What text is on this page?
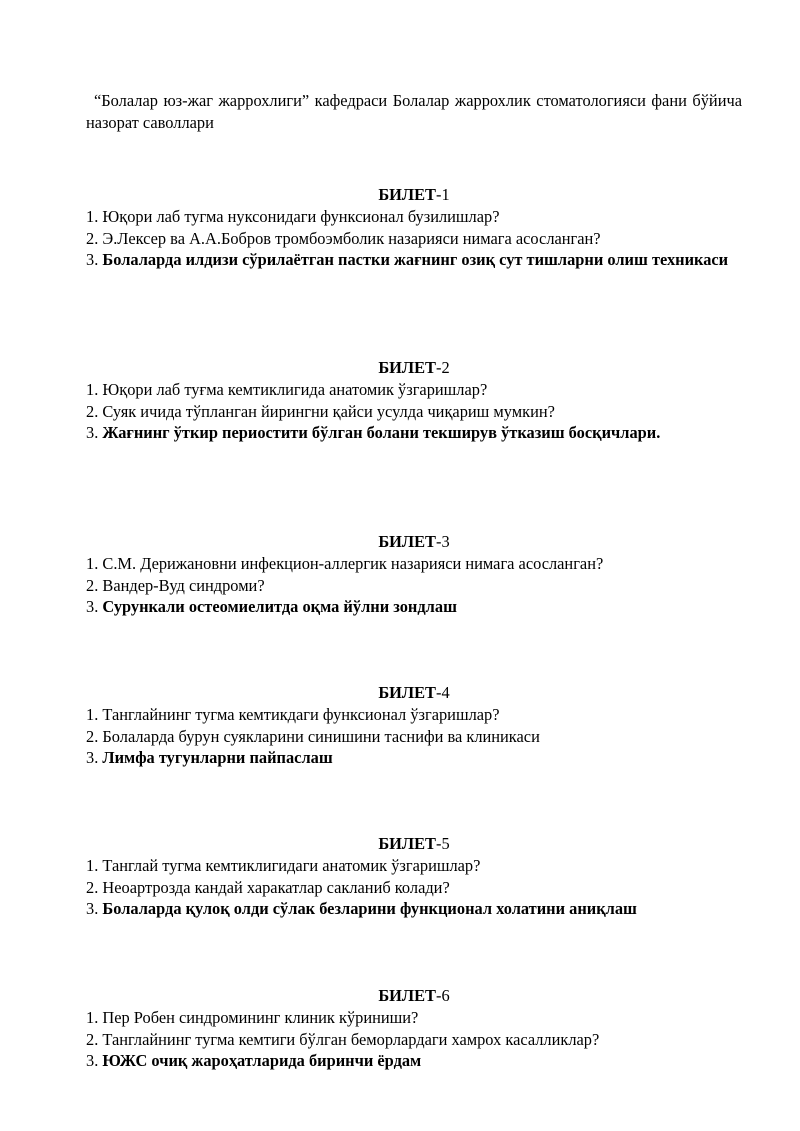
“Болалар юз-жаг жаррохлиги” кафедраси Болалар жаррохлик стоматологияси фани бўйича назорат саволлари

БИЛЕТ-1

1. Юқори лаб тугма нуксонидаги функсионал бузилишлар?

2. Э.Лексер ва А.А.Бобров тромбоэмболик назарияси нимага асосланган?

3. Болаларда илдизи сўрилаётган пастки жағнинг озиқ сут тишларни олиш техникаси

БИЛЕТ-2

1. Юқори лаб туғма кемтиклигида анатомик ўзгаришлар?

2. Суяк ичида тўпланган йирингни қайси усулда чиқариш мумкин?

3. Жағнинг ўткир периостити бўлган болани текширув ўтказиш босқичлари.

БИЛЕТ-3

1. С.М. Дерижановни инфекцион-аллергик назарияси нимага асосланган?

2. Вандер-Вуд синдроми?

3. Сурункали остеомиелитда оқма йўлни зондлаш

БИЛЕТ-4

1. Танглайнинг тугма кемтикдаги функсионал ўзгаришлар?

2. Болаларда бурун суякларини синишини таснифи ва клиникаси

3. Лимфа тугунларни пайпаслаш

БИЛЕТ-5

1. Танглай тугма кемтиклигидаги анатомик ўзгаришлар?

2. Неоартрозда кандай харакатлар сакланиб колади?

3. Болаларда қулоқ олди сўлак безларини функционал холатини аниқлаш

БИЛЕТ-6

1. Пер Робен синдромининг клиник кўриниши?

2. Танглайнинг тугма кемтиги бўлган беморлардаги хамрох касалликлар?

3. ЮЖС очиқ жароҳатларида биринчи ёрдам
